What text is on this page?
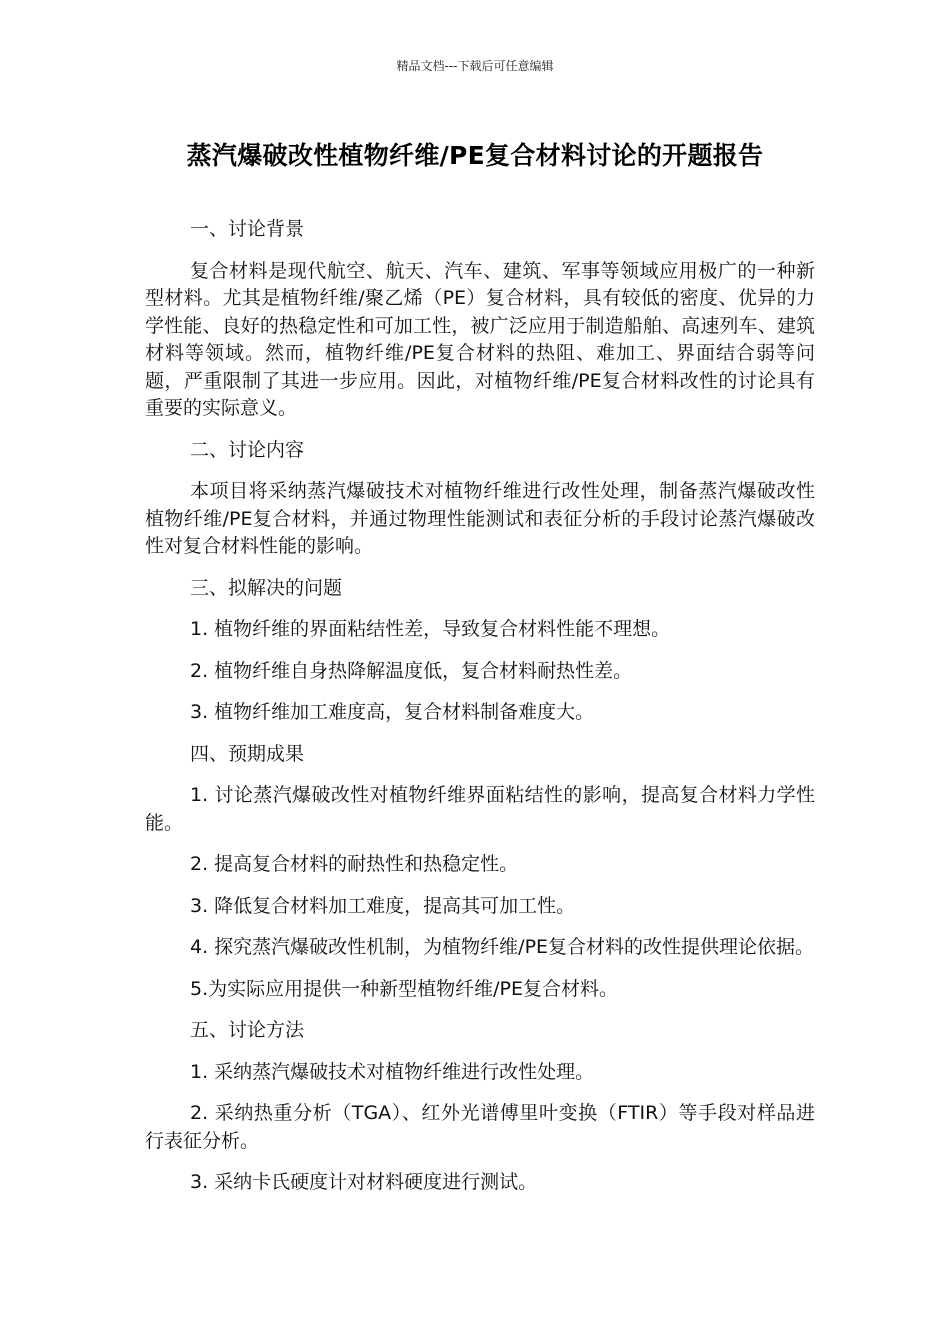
精品文档---下载后可任意编辑
蒸汽爆破改性植物纤维/PE复合材料讨论的开题报告

一、讨论背景

复合材料是现代航空、航天、汽车、建筑、军事等领域应用极广的一种新型材料。尤其是植物纤维/聚乙烯（PE）复合材料，具有较低的密度、优异的力学性能、良好的热稳定性和可加工性，被广泛应用于制造船舶、高速列车、建筑材料等领域。然而，植物纤维/PE复合材料的热阻、难加工、界面结合弱等问题，严重限制了其进一步应用。因此，对植物纤维/PE复合材料改性的讨论具有重要的实际意义。

二、讨论内容

本项目将采纳蒸汽爆破技术对植物纤维进行改性处理，制备蒸汽爆破改性植物纤维/PE复合材料，并通过物理性能测试和表征分析的手段讨论蒸汽爆破改性对复合材料性能的影响。

三、拟解决的问题

1. 植物纤维的界面粘结性差，导致复合材料性能不理想。

2. 植物纤维自身热降解温度低，复合材料耐热性差。

3. 植物纤维加工难度高，复合材料制备难度大。

四、预期成果

1. 讨论蒸汽爆破改性对植物纤维界面粘结性的影响，提高复合材料力学性能。

2. 提高复合材料的耐热性和热稳定性。

3. 降低复合材料加工难度，提高其可加工性。

4. 探究蒸汽爆破改性机制，为植物纤维/PE复合材料的改性提供理论依据。

5.为实际应用提供一种新型植物纤维/PE复合材料。

五、讨论方法

1. 采纳蒸汽爆破技术对植物纤维进行改性处理。

2. 采纳热重分析（TGA）、红外光谱傅里叶变换（FTIR）等手段对样品进行表征分析。

3. 采纳卡氏硬度计对材料硬度进行测试。
